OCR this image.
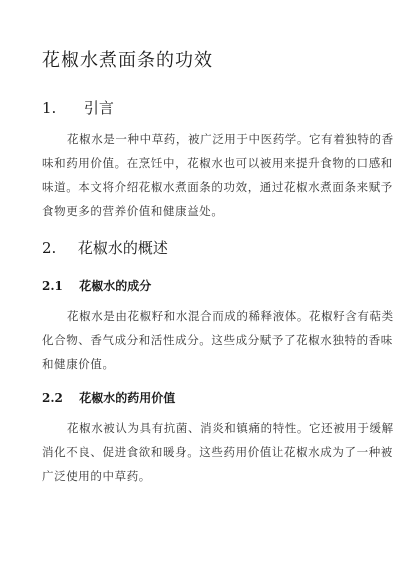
花椒水煮面条的功效
1. 引言
花椒水是一种中草药，被广泛用于中医药学。它有着独特的香
味和药用价值。在烹饪中，花椒水也可以被用来提升食物的口感和
味道。本文将介绍花椒水煮面条的功效，通过花椒水煮面条来赋予
食物更多的营养价值和健康益处。
2. 花椒水的概述
2.1 花椒水的成分
花椒水是由花椒籽和水混合而成的稀释液体。花椒籽含有萜类
化合物、香气成分和活性成分。这些成分赋予了花椒水独特的香味
和健康价值。
2.2 花椒水的药用价值
花椒水被认为具有抗菌、消炎和镇痛的特性。它还被用于缓解
消化不良、促进食欲和暖身。这些药用价值让花椒水成为了一种被
广泛使用的中草药。
